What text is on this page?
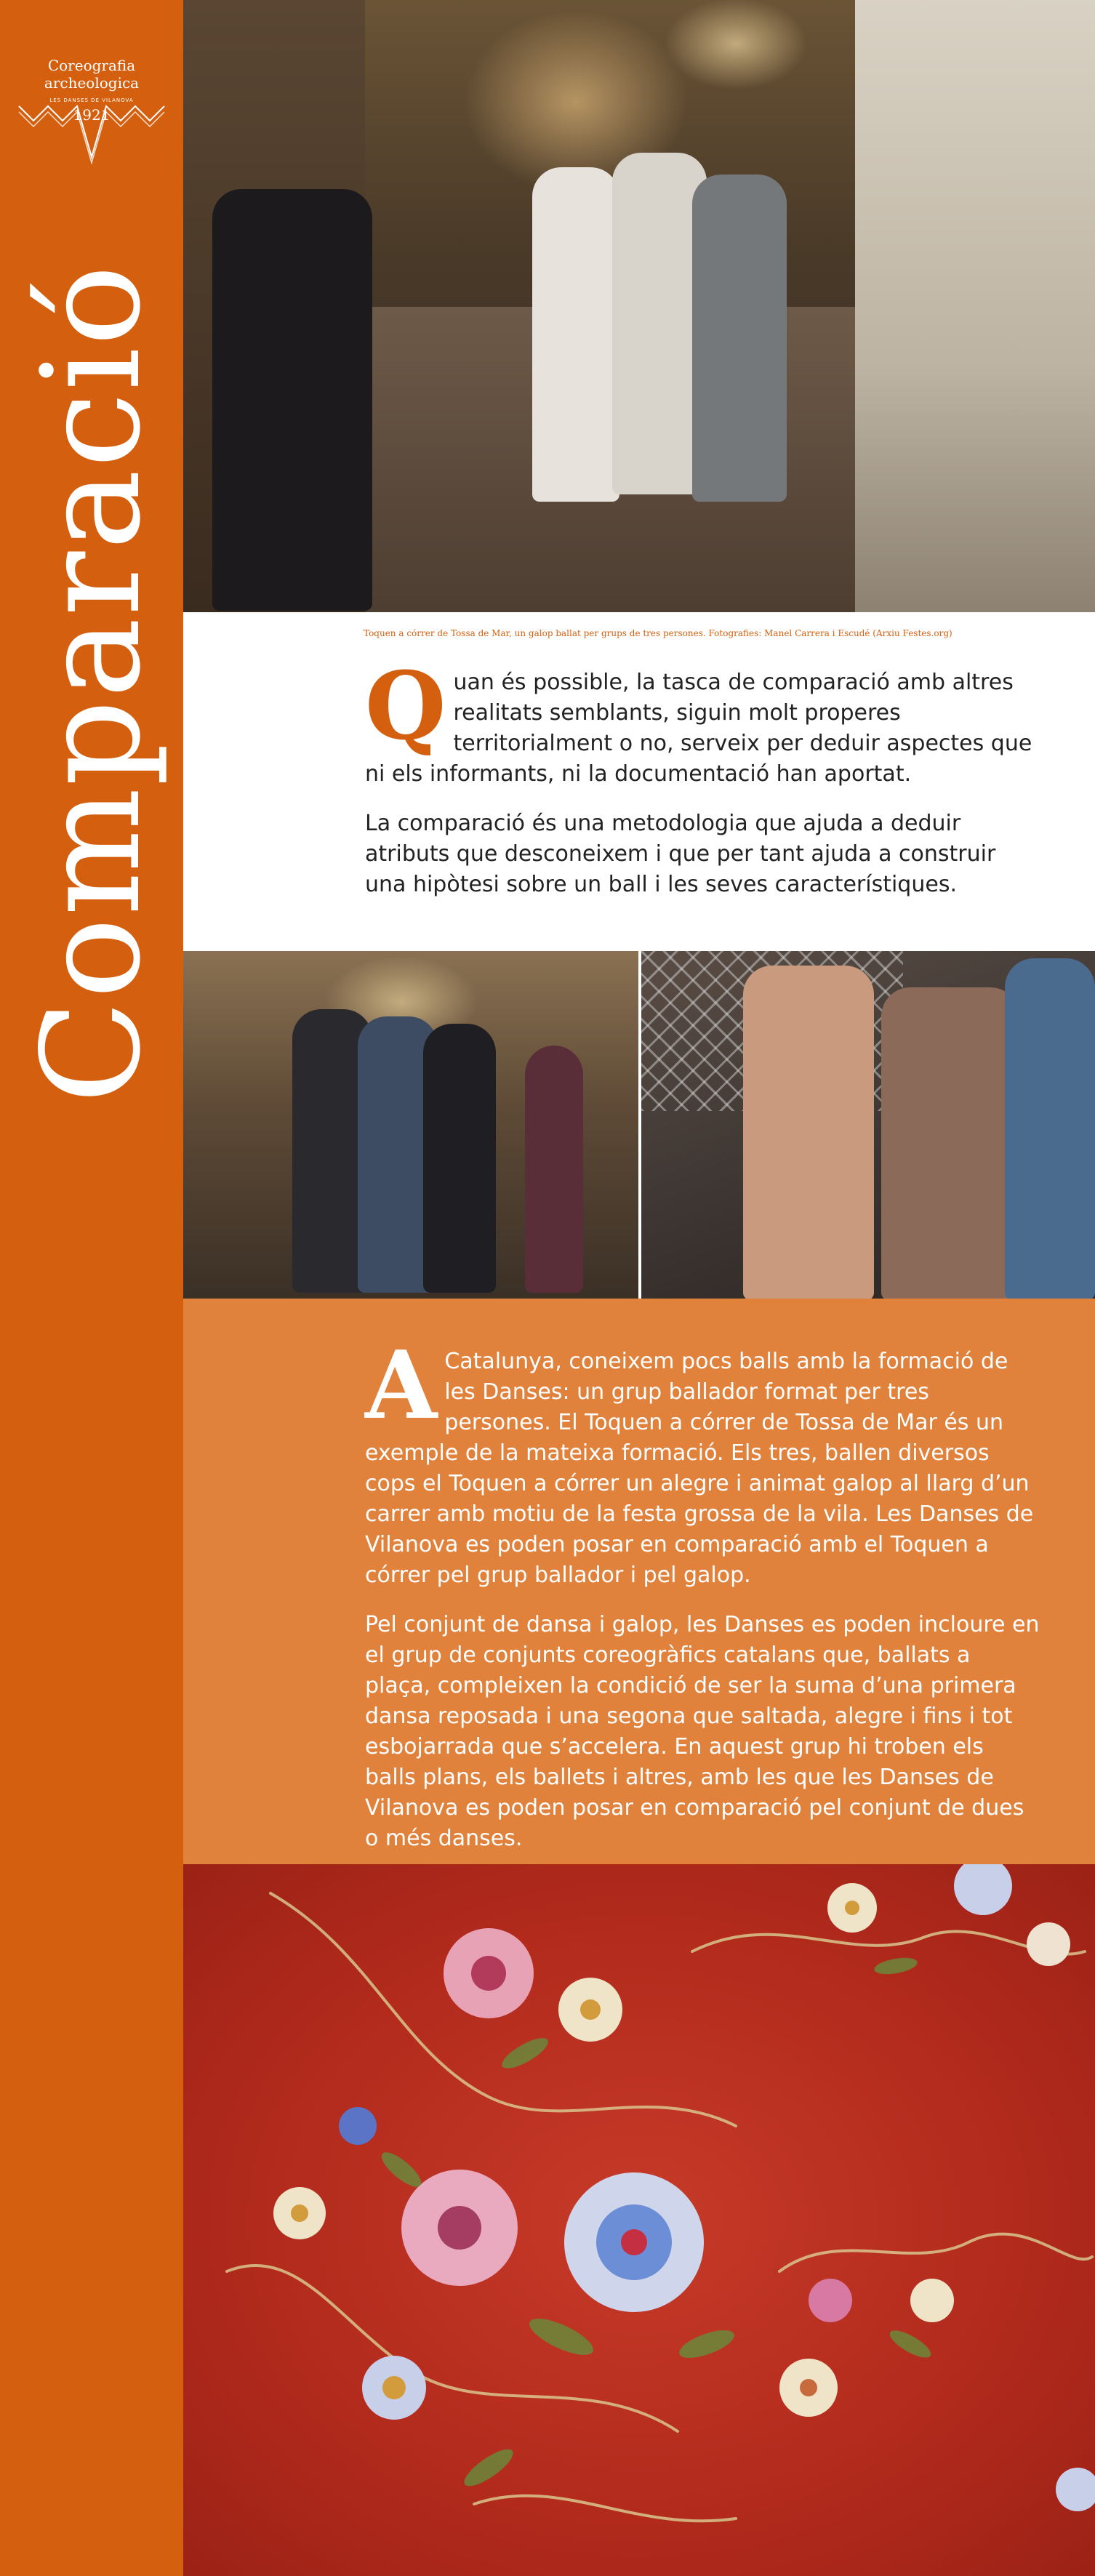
Coreografia
archeologica
LES DANSES DE VILANOVA
1921
Comparació	Toquen a córrer de Tossa de Mar, un galop ballat per grups de tres persones. Fotografies: Manel Carrera i Escudé (Arxiu Festes.org)

Q uan és possible, la tasca de comparació amb altres realitats semblants, siguin molt properes territorialment o no, serveix per deduir aspectes que ni els informants, ni la documentació han aportat.

La comparació és una metodologia que ajuda a deduir atributs que desconeixem i que per tant ajuda a construir una hipòtesi sobre un ball i les seves característiques.

A Catalunya, coneixem pocs balls amb la formació de les Danses: un grup ballador format per tres persones. El Toquen a córrer de Tossa de Mar és un exemple de la mateixa formació. Els tres, ballen diversos cops el Toquen a córrer un alegre i animat galop al llarg d’un carrer amb motiu de la festa grossa de la vila. Les Danses de Vilanova es poden posar en comparació amb el Toquen a córrer pel grup ballador i pel galop.

Pel conjunt de dansa i galop, les Danses es poden incloure en el grup de conjunts coreogràfics catalans que, ballats a plaça, compleixen la condició de ser la suma d’una primera dansa reposada i una segona que saltada, alegre i fins i tot esbojarrada que s’accelera. En aquest grup hi troben els balls plans, els ballets i altres, amb les que les Danses de Vilanova es poden posar en comparació pel conjunt de dues o més danses.
